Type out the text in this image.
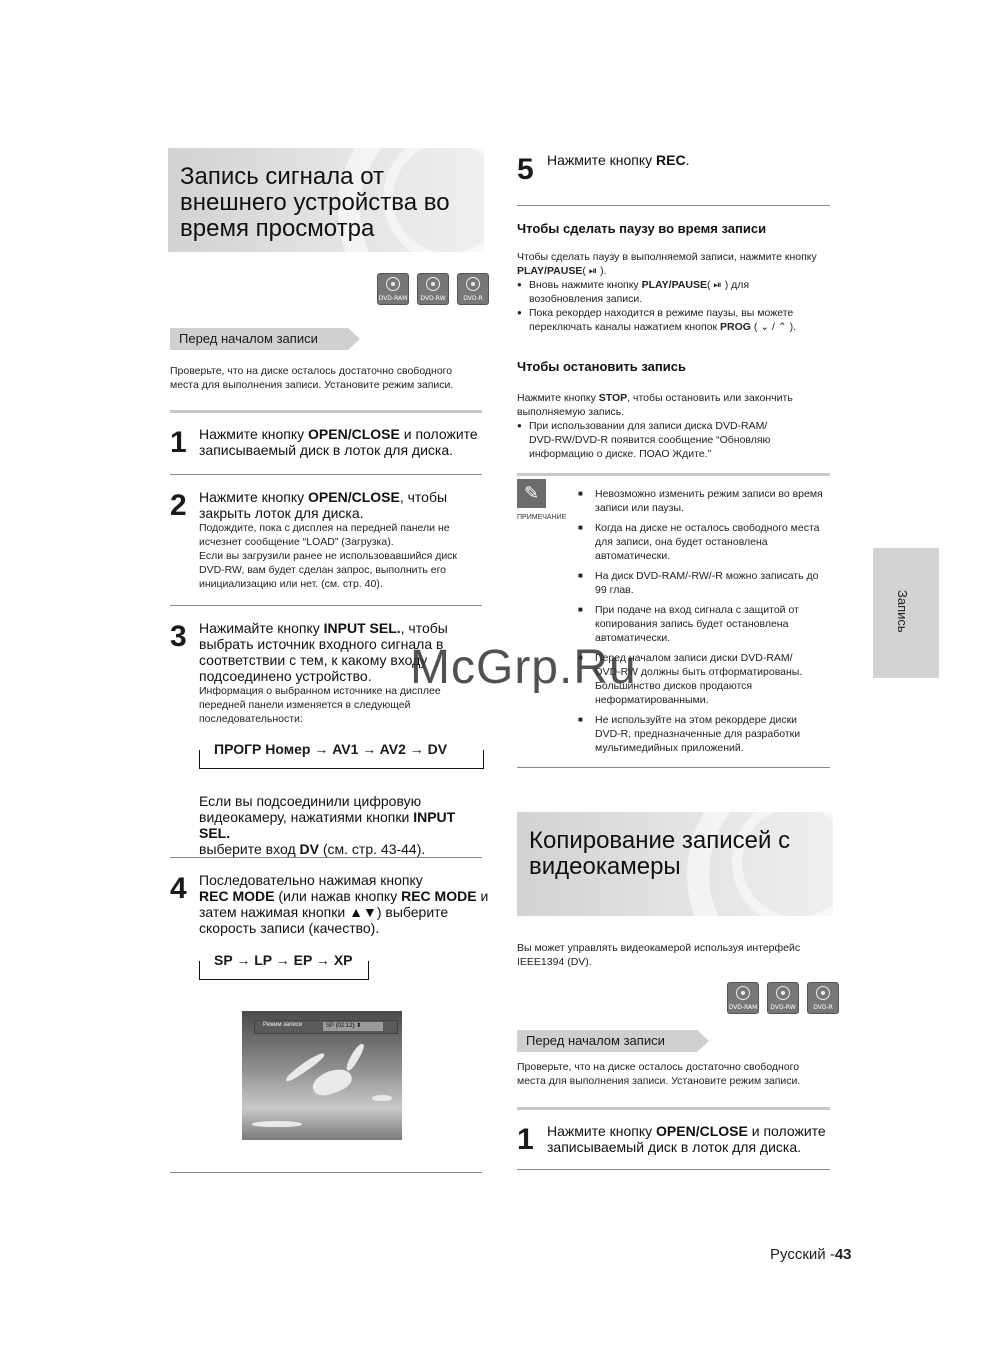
Запись сигнала от
внешнего устройства во
время просмотра
DVD-RAM	DVD-RW	DVD-R
Перед началом записи
Проверьте, что на диске осталось достаточно свободного
места для выполнения записи. Установите режим записи.
1 Нажмите кнопку OPEN/CLOSE и положите
записываемый диск в лоток для диска.
2 Нажмите кнопку OPEN/CLOSE, чтобы
закрыть лоток для диска.
Подождите, пока с дисплея на передней панели не
исчезнет сообщение “LOAD” (Загрузка).
Если вы загрузили ранее не использовавшийся диск
DVD-RW, вам будет сделан запрос, выполнить его
инициализацию или нет. (см. стр. 40).
3 Нажимайте кнопку INPUT SEL., чтобы
выбрать источник входного сигнала в
соответствии с тем, к какому входу
подсоединено устройство.
Информация о выбранном источнике на дисплее
передней панели изменяется в следующей
последовательности:
ПРОГР Номер → AV1 → AV2 → DV
Если вы подсоединили цифровую
видеокамеру, нажатиями кнопки INPUT SEL.
выберите вход DV (см. стр. 43-44).
4 Последовательно нажимая кнопку
REC MODE (или нажав кнопку REC MODE и
затем нажимая кнопки ▲▼) выберите
скорость записи (качество).
SP → LP → EP → XP
Режим записи	SP (02:12) ⬍
5 Нажмите кнопку REC.
Чтобы сделать паузу во время записи
Чтобы сделать паузу в выполняемой записи, нажмите кнопку
PLAY/PAUSE( ⏯ ).
● Вновь нажмите кнопку PLAY/PAUSE( ⏯ ) для
возобновления записи.
● Пока рекордер находится в режиме паузы, вы можете
переключать каналы нажатием кнопок PROG ( ⌄ / ⌃ ).
Чтобы остановить запись
Нажмите кнопку STOP, чтобы остановить или закончить
выполняемую запись.
● При использовании для записи диска DVD-RAM/
DVD-RW/DVD-R появится сообщение “Обновляю
информацию о диске. ПОАО Ждите.”
✎
ПРИМЕЧАНИЕ
■ Невозможно изменить режим записи во время
записи или паузы.
■ Когда на диске не осталось свободного места
для записи, она будет остановлена
автоматически.
■ На диск DVD-RAM/-RW/-R можно записать до
99 глав.
■ При подаче на вход сигнала с защитой от
копирования запись будет остановлена
автоматически.
■ Перед началом записи диски DVD-RAM/
DVD-RW должны быть отформатированы.
Большинство дисков продаются
неформатированными.
■ Не используйте на этом рекордере диски
DVD-R, предназначенные для разработки
мультимедийных приложений.
Копирование записей с
видеокамеры
Вы может управлять видеокамерой используя интерфейс
IEEE1394 (DV).
DVD-RAM	DVD-RW	DVD-R
Перед началом записи
Проверьте, что на диске осталось достаточно свободного
места для выполнения записи. Установите режим записи.
1 Нажмите кнопку OPEN/CLOSE и положите
записываемый диск в лоток для диска.
Запись
McGrp.Ru
Русский -43
